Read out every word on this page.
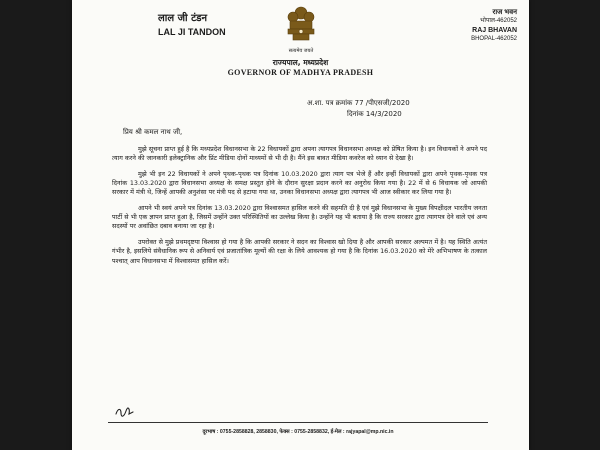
लाल जी टंडन
LAL JI TANDON
सत्यमेव जयते
राज भवन
भोपाल-462052
RAJ BHAVAN
BHOPAL-462052
राज्यपाल, मध्यप्रदेश
GOVERNOR OF MADHYA PRADESH
अ.शा. पत्र क्रमांक 77 /पीएसजी/2020
दिनांक 14/3/2020
प्रिय श्री कमल नाथ जी,

मुझे सूचना प्राप्त हुई है कि मध्यप्रदेश विधानसभा के 22 विधायकों द्वारा अपना त्यागपत्र विधानसभा अध्यक्ष को प्रेषित किया है। इन विधायकों ने अपने पद त्याग करने की जानकारी इलेक्ट्रानिक और प्रिंट मीडिया दोनों माध्यमों से भी दी है। मैंने इस बावत मीडिया कवरेज को ध्यान से देखा है।

मुझे भी इन 22 विधायकों ने अपने पृथक-पृथक पत्र दिनांक 10.03.2020 द्वारा त्याग पत्र भेजे हैं और इन्हीं विधायकों द्वारा अपने पृथक-पृथक पत्र दिनांक 13.03.2020 द्वारा विधानसभा अध्यक्ष के समक्ष प्रस्तुत होने के दौरान सुरक्षा प्रदान करने का अनुरोध किया गया है। 22 में से 6 विधायक जो आपकी सरकार में मंत्री थे, जिन्हें आपकी अनुशंसा पर मंत्री पद से हटाया गया था, उनका विधानसभा अध्यक्ष द्वारा त्यागपत्र भी आज स्वीकार कर लिया गया है।

आपने भी स्वयं अपने पत्र दिनांक 13.03.2020 द्वारा विश्वासमत हासिल करने की सहमति दी है एवं मुझे विधानसभा के मुख्य विपक्षीदल भारतीय जनता पार्टी से भी एक ज्ञापन प्राप्त हुआ है, जिसमें उन्होंने उक्त परिस्थितियों का उल्लेख किया है। उन्होंने यह भी बताया है कि राज्य सरकार द्वारा त्यागपत्र देने वाले एवं अन्य सदस्यों पर अवांछित दबाव बनाया जा रहा है।

उपरोक्त से मुझे प्रथमदृष्टया विश्वास हो गया है कि आपकी सरकार ने सदन का विश्वास खो दिया है और आपकी सरकार अल्पमत में है। यह स्थिति अत्यंत गंभीर है, इसलिये संवैधानिक रूप से अनिवार्य एवं प्रजातांत्रिक मूल्यों की रक्षा के लिये आवश्यक हो गया है कि दिनांक 16.03.2020 को मेरे अभिभाषण के तत्काल पश्चात् आप विधानसभा में विश्वासमत हासिल करें।

दूरभाष : 0755-2858828, 2858830, फेक्स : 0755-2858832, ई-मेल : rajyapal@mp.nic.in
